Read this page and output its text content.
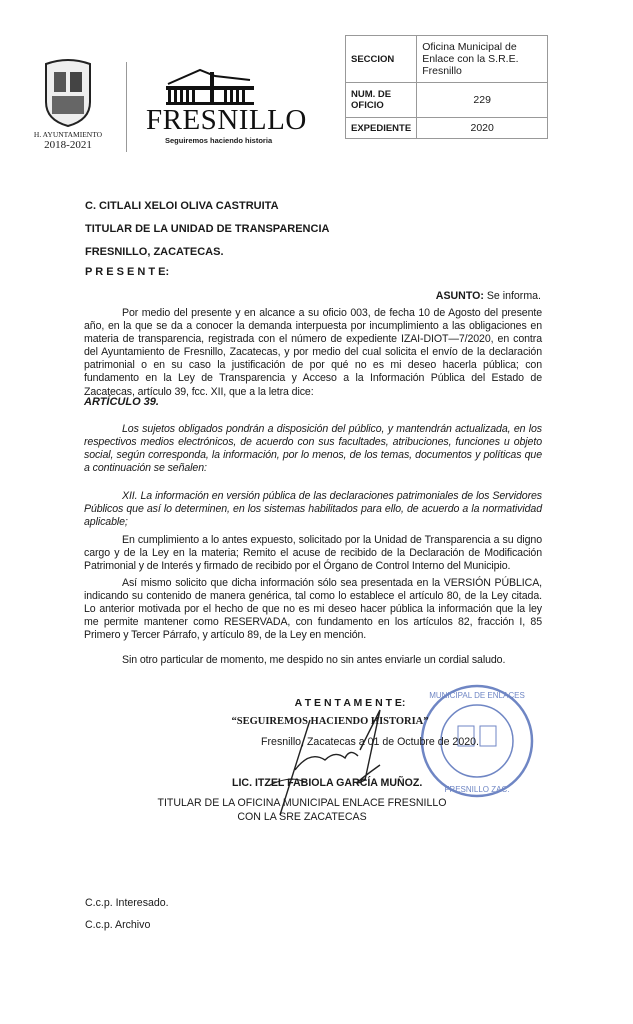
H. AYUNTAMIENTO
2018-2021
FRESNILLO
Seguiremos haciendo historia
SECCION	Oficina Municipal de Enlace con la S.R.E. Fresnillo
NUM. DE OFICIO	229
EXPEDIENTE	2020
C. CITLALI XELOI OLIVA CASTRUITA
TITULAR DE LA UNIDAD DE TRANSPARENCIA
FRESNILLO, ZACATECAS.
P R E S E N T E:
ASUNTO: Se informa.
Por medio del presente y en alcance a su oficio 003, de fecha 10 de Agosto del presente año, en la que se da a conocer la demanda interpuesta por incumplimiento a las obligaciones en materia de transparencia, registrada con el número de expediente IZAI-DIOT—7/2020, en contra del Ayuntamiento de Fresnillo, Zacatecas, y por medio del cual solicita el envío de la declaración patrimonial o en su caso la justificación de por qué no es mi deseo hacerla pública; con fundamento en la Ley de Transparencia y Acceso a la Información Pública del Estado de Zacatecas, artículo 39, fcc. XII, que a la letra dice:
ARTÍCULO 39.
Los sujetos obligados pondrán a disposición del público, y mantendrán actualizada, en los respectivos medios electrónicos, de acuerdo con sus facultades, atribuciones, funciones u objeto social, según corresponda, la información, por lo menos, de los temas, documentos y políticas que a continuación se señalen:
XII. La información en versión pública de las declaraciones patrimoniales de los Servidores Públicos que así lo determinen, en los sistemas habilitados para ello, de acuerdo a la normatividad aplicable;
En cumplimiento a lo antes expuesto, solicitado por la Unidad de Transparencia a su digno cargo y de la Ley en la materia; Remito el acuse de recibido de la Declaración de Modificación Patrimonial y de Interés y firmado de recibido por el Órgano de Control Interno del Municipio.
Así mismo solicito que dicha información sólo sea presentada en la VERSIÓN PÚBLICA, indicando su contenido de manera genérica, tal como lo establece el artículo 80, de la Ley citada. Lo anterior motivada por el hecho de que no es mi deseo hacer pública la información que la ley me permite mantener como RESERVADA, con fundamento en los artículos 82, fracción I, 85 Primero y Tercer Párrafo, y artículo 89, de la Ley en mención.
Sin otro particular de momento, me despido no sin antes enviarle un cordial saludo.
MUNICIPAL DE ENLACES
FRESNILLO ZAC.
A T E N T A M E N T E:
“SEGUIREMOS HACIENDO HISTORIA”
Fresnillo, Zacatecas a 01 de Octubre de 2020.
LIC. ITZEL FABIOLA GARCÍA MUÑOZ.
TITULAR DE LA OFICINA MUNICIPAL ENLACE FRESNILLO CON LA SRE ZACATECAS
C.c.p. Interesado.
C.c.p. Archivo
